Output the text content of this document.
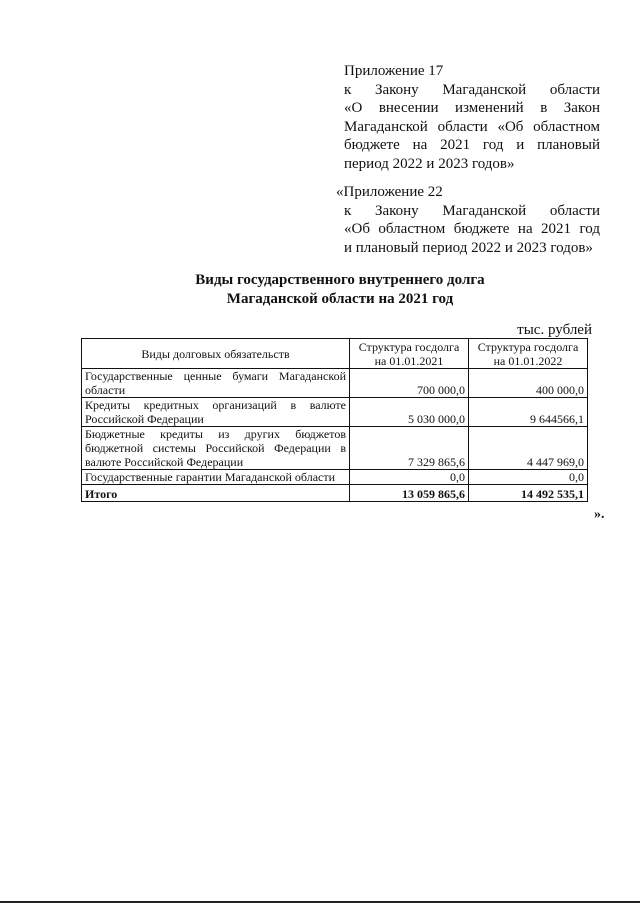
Приложение 17
к Закону Магаданской области
«О внесении изменений в Закон
Магаданской области «Об областном
бюджете на 2021 год и плановый
период 2022 и 2023 годов»
«Приложение 22
к Закону Магаданской области
«Об областном бюджете на 2021 год
и плановый период 2022 и 2023 годов»
Виды государственного внутреннего долга
Магаданской области на 2021 год
тыс. рублей
Виды долговых обязательств	Структура госдолга на 01.01.2021	Структура госдолга на 01.01.2022
Государственные ценные бумаги Магаданской области	700 000,0	400 000,0
Кредиты кредитных организаций в валюте Российской Федерации	5 030 000,0	9 644566,1
Бюджетные кредиты из других бюджетов бюджетной системы Российской Федерации в валюте Российской Федерации	7 329 865,6	4 447 969,0
Государственные гарантии Магаданской области	0,0	0,0
Итого	13 059 865,6	14 492 535,1
».
